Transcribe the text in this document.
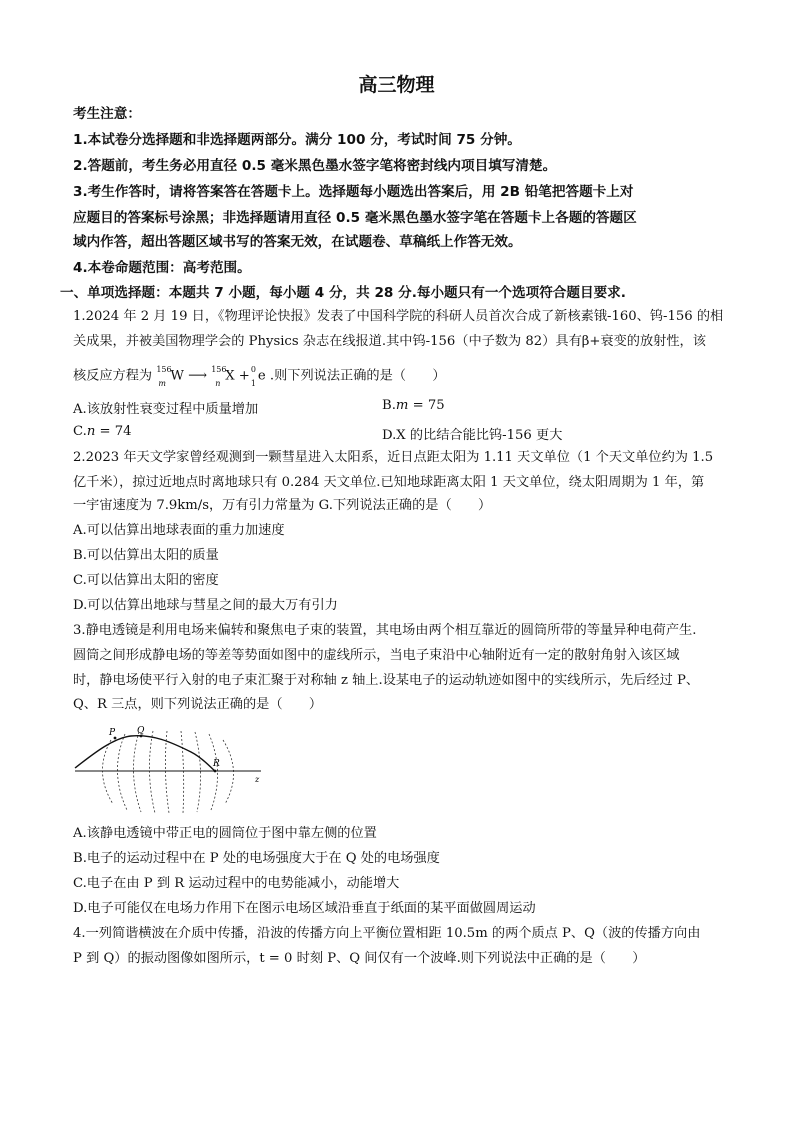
高三物理
考生注意：
1.本试卷分选择题和非选择题两部分。满分 100 分，考试时间 75 分钟。
2.答题前，考生务必用直径 0.5 毫米黑色墨水签字笔将密封线内项目填写清楚。
3.考生作答时，请将答案答在答题卡上。选择题每小题选出答案后，用 2B 铅笔把答题卡上对
应题目的答案标号涂黑；非选择题请用直径 0.5 毫米黑色墨水签字笔在答题卡上各题的答题区
域内作答，超出答题区域书写的答案无效，在试题卷、草稿纸上作答无效。
4.本卷命题范围：高考范围。
一、单项选择题：本题共 7 小题，每小题 4 分，共 28 分.每小题只有一个选项符合题目要求.
1.2024 年 2 月 19 日，《物理评论快报》发表了中国科学院的科研人员首次合成了新核素锇-160、钨-156 的相
关成果，并被美国物理学会的 Physics 杂志在线报道.其中钨-156（中子数为 82）具有β+衰变的放射性，该
核反应方程为 156
m W ⟶ 156
n X + 0
1 e .则下列说法正确的是（　　）
A.该放射性衰变过程中质量增加	B.m = 75
C.n = 74	D.X 的比结合能比钨-156 更大
2.2023 年天文学家曾经观测到一颗彗星进入太阳系，近日点距太阳为 1.11 天文单位（1 个天文单位约为 1.5
亿千米），掠过近地点时离地球只有 0.284 天文单位.已知地球距离太阳 1 天文单位，绕太阳周期为 1 年，第
一宇宙速度为 7.9km/s，万有引力常量为 G.下列说法正确的是（　　）
A.可以估算出地球表面的重力加速度
B.可以估算出太阳的质量
C.可以估算出太阳的密度
D.可以估算出地球与彗星之间的最大万有引力
3.静电透镜是利用电场来偏转和聚焦电子束的装置，其电场由两个相互靠近的圆筒所带的等量异种电荷产生.
圆筒之间形成静电场的等差等势面如图中的虚线所示，当电子束沿中心轴附近有一定的散射角射入该区域
时，静电场使平行入射的电子束汇聚于对称轴 z 轴上.设某电子的运动轨迹如图中的实线所示，先后经过 P、
Q、R 三点，则下列说法正确的是（　　）
P Q
R
z
A.该静电透镜中带正电的圆筒位于图中靠左侧的位置
B.电子的运动过程中在 P 处的电场强度大于在 Q 处的电场强度
C.电子在由 P 到 R 运动过程中的电势能减小，动能增大
D.电子可能仅在电场力作用下在图示电场区域沿垂直于纸面的某平面做圆周运动
4.一列简谐横波在介质中传播，沿波的传播方向上平衡位置相距 10.5m 的两个质点 P、Q（波的传播方向由
P 到 Q）的振动图像如图所示，t = 0 时刻 P、Q 间仅有一个波峰.则下列说法中正确的是（　　）
